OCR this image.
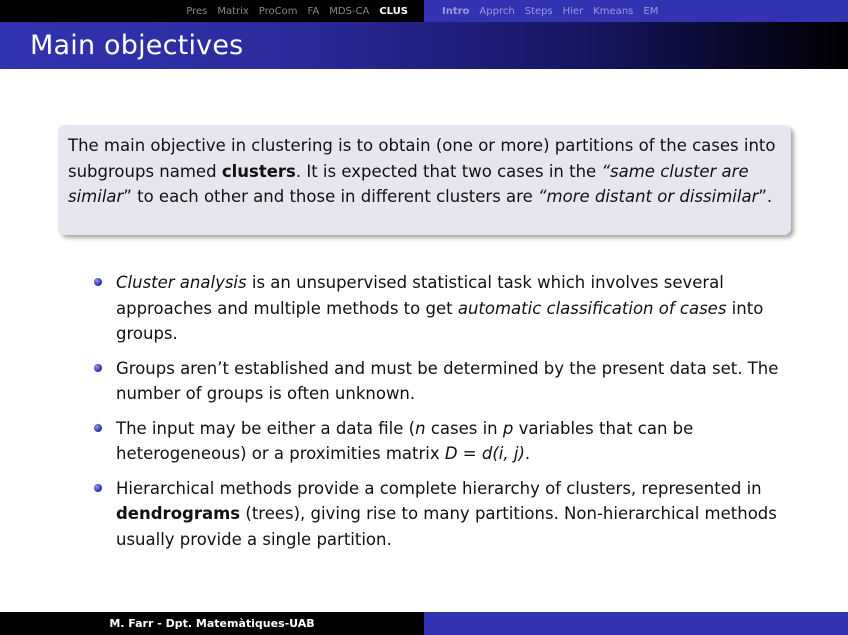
Pres Matrix ProCom FA MDS-CA CLUS	Intro Apprch Steps Hier Kmeans EM
Main objectives

The main objective in clustering is to obtain (one or more) partitions of the cases into subgroups named clusters. It is expected that two cases in the “same cluster are similar” to each other and those in different clusters are “more distant or dissimilar”.

Cluster analysis is an unsupervised statistical task which involves several approaches and multiple methods to get automatic classification of cases into groups.
Groups aren’t established and must be determined by the present data set. The number of groups is often unknown.
The input may be either a data file (n cases in p variables that can be heterogeneous) or a proximities matrix D = d(i, j).
Hierarchical methods provide a complete hierarchy of clusters, represented in dendrograms (trees), giving rise to many partitions. Non-hierarchical methods usually provide a single partition.
M. Farr - Dpt. Matemàtiques-UAB
